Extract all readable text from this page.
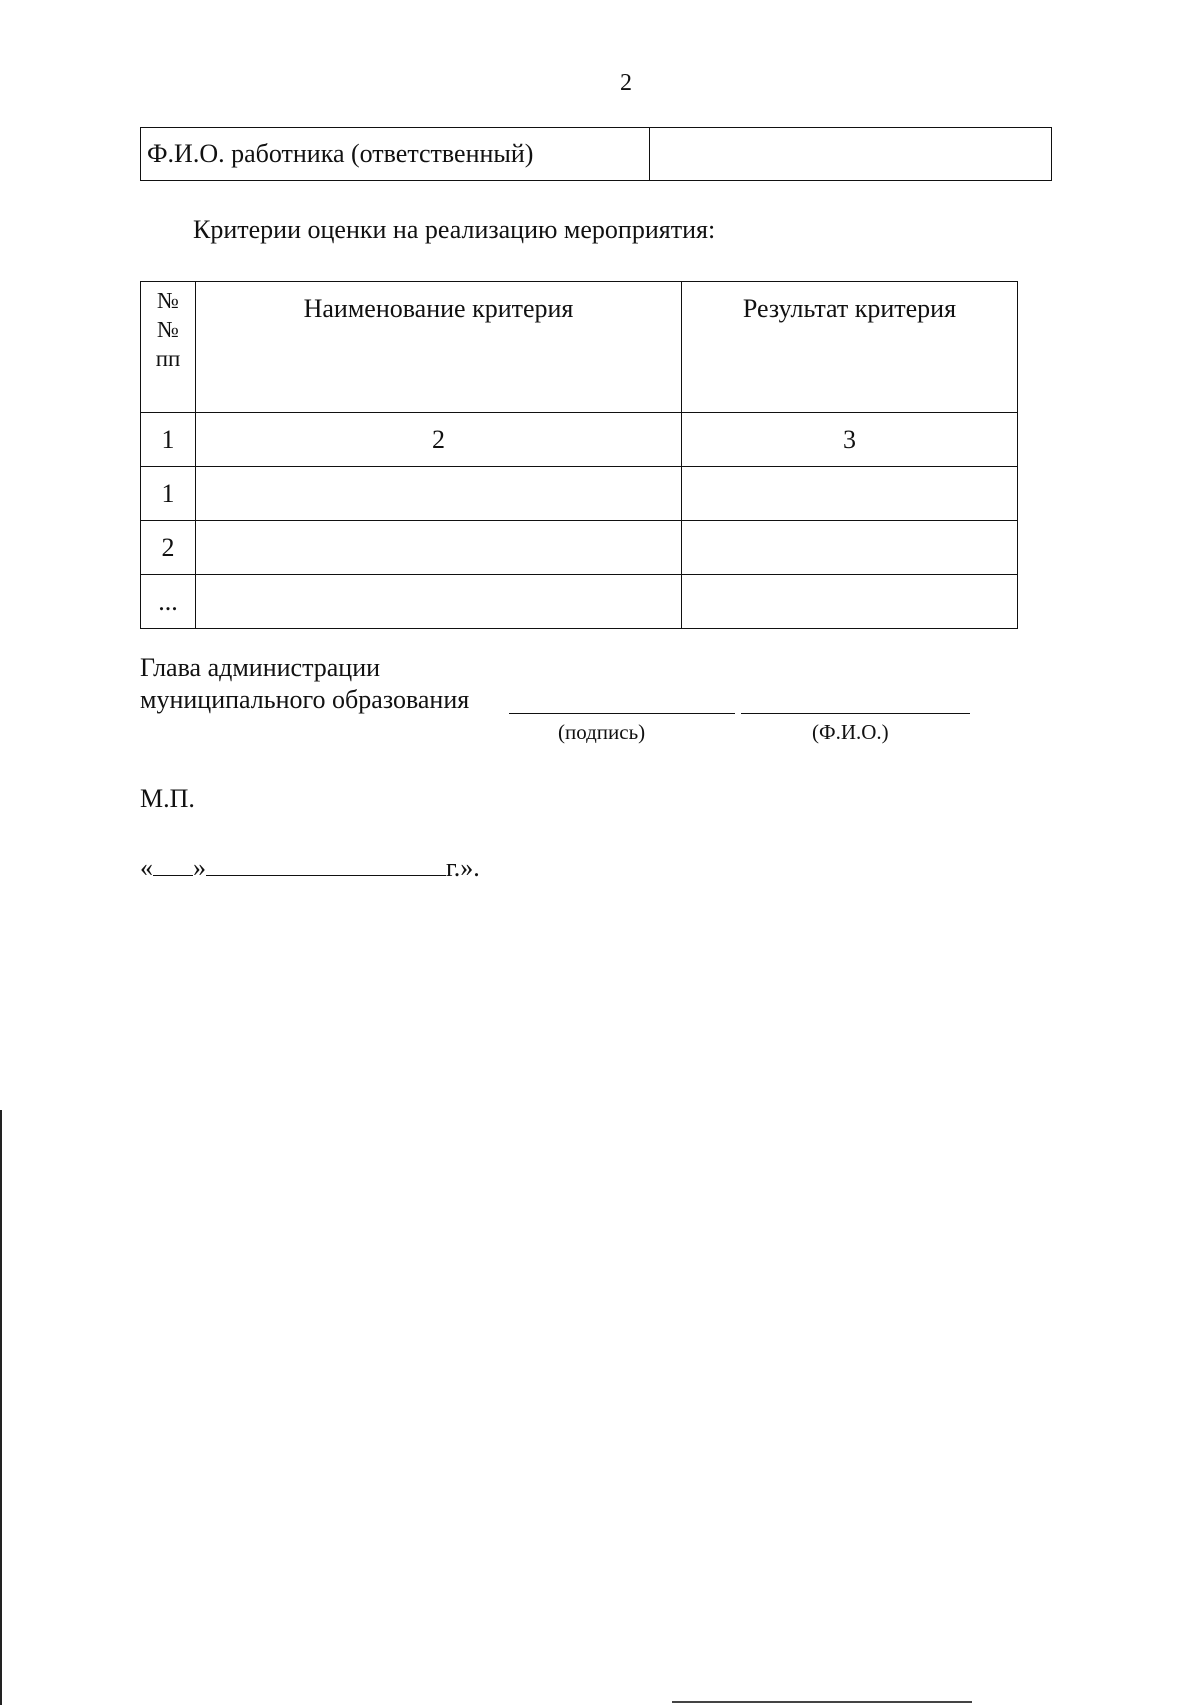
2
Ф.И.О. работника (ответственный)	
Критерии оценки на реализацию мероприятия:
№
№
пп	Наименование критерия	Результат критерия
1	2	3
1		
2		
...		
Глава администрации
муниципального образования
(подпись)	(Ф.И.О.)
М.П.
« »	г.».
